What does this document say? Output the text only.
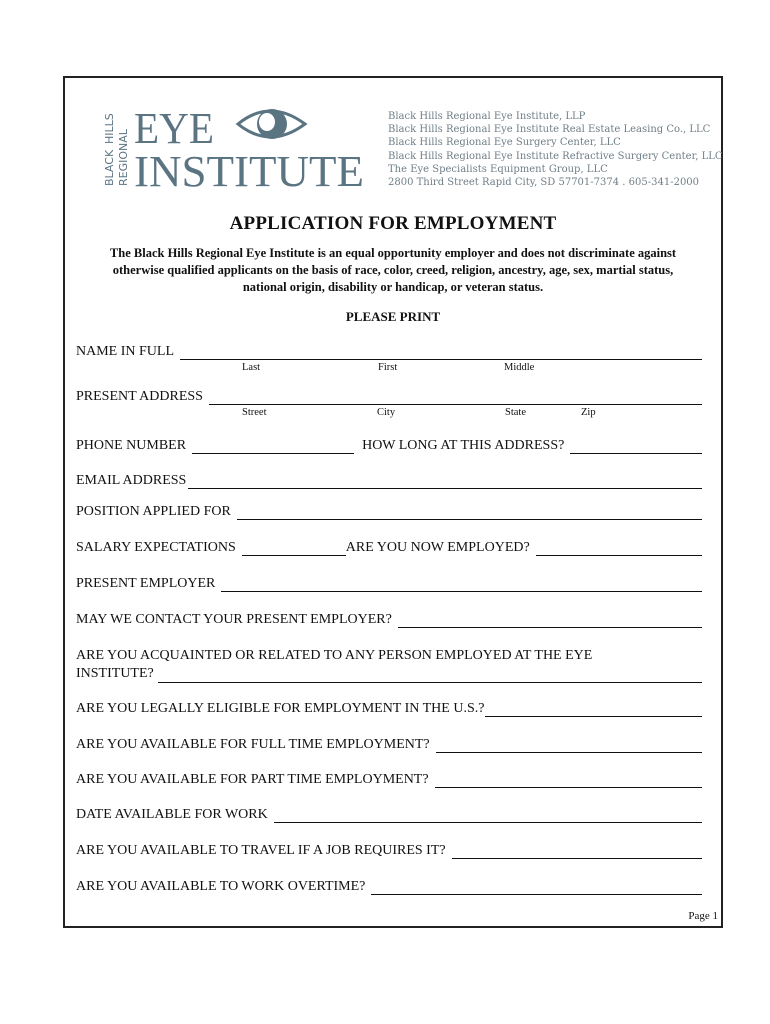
BLACK
HILLS
REGIONAL
EYE
INSTITUTE
Black Hills Regional Eye Institute, LLP
Black Hills Regional Eye Institute Real Estate Leasing Co., LLC
Black Hills Regional Eye Surgery Center, LLC
Black Hills Regional Eye Institute Refractive Surgery Center, LLC
The Eye Specialists Equipment Group, LLC
2800 Third Street Rapid City, SD 57701-7374 . 605-341-2000
APPLICATION FOR EMPLOYMENT
The Black Hills Regional Eye Institute is an equal opportunity employer and does not discriminate against otherwise qualified applicants on the basis of race, color, creed, religion, ancestry, age, sex, martial status, national origin, disability or handicap, or veteran status.
PLEASE PRINT
NAME IN FULL
Last	First	Middle
PRESENT ADDRESS
Street	City	State	Zip
PHONE NUMBER	HOW LONG AT THIS ADDRESS?
EMAIL ADDRESS
POSITION APPLIED FOR
SALARY EXPECTATIONS	ARE YOU NOW EMPLOYED?
PRESENT EMPLOYER
MAY WE CONTACT YOUR PRESENT EMPLOYER?
ARE YOU ACQUAINTED OR RELATED TO ANY PERSON EMPLOYED AT THE EYE
INSTITUTE?
ARE YOU LEGALLY ELIGIBLE FOR EMPLOYMENT IN THE U.S.?
ARE YOU AVAILABLE FOR FULL TIME EMPLOYMENT?
ARE YOU AVAILABLE FOR PART TIME EMPLOYMENT?
DATE AVAILABLE FOR WORK
ARE YOU AVAILABLE TO TRAVEL IF A JOB REQUIRES IT?
ARE YOU AVAILABLE TO WORK OVERTIME?
Page 1
